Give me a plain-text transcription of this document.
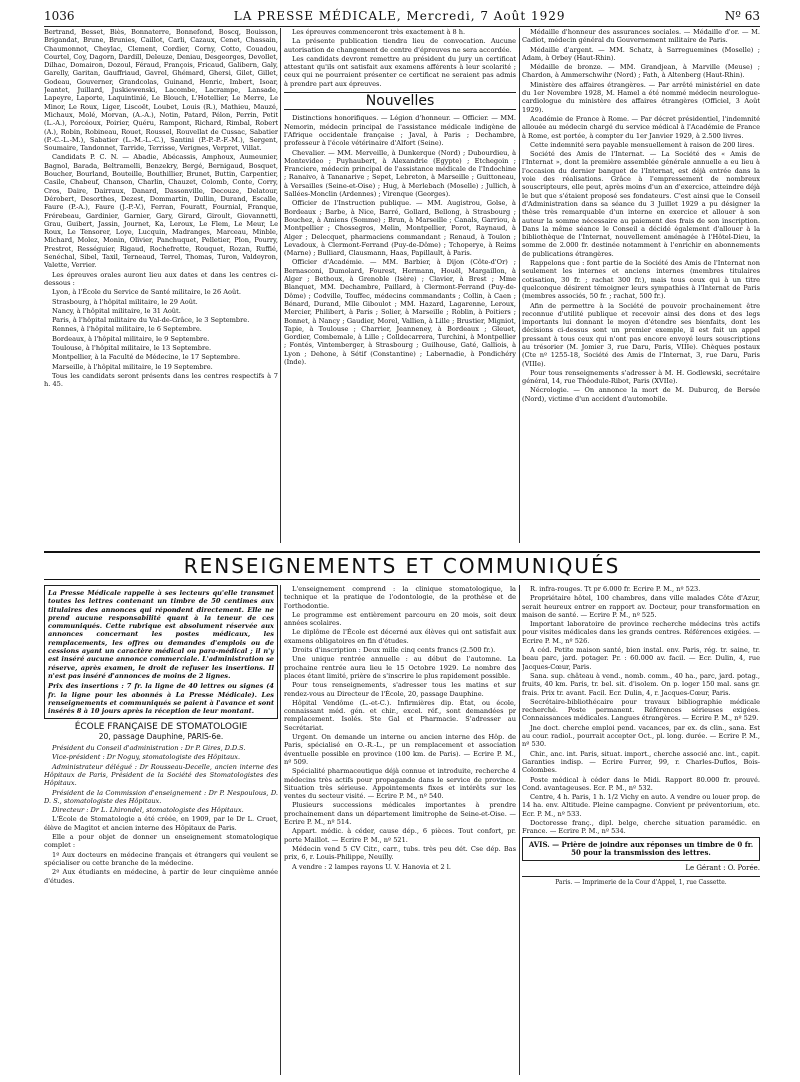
1036	LA PRESSE MÉDICALE, Mercredi, 7 Août 1929	Nº 63

Bertrand, Besset, Biès, Bonnaterre, Bonnefond, Boscq, Bouisson, Brigandat, Brune, Brunies, Caillot, Carli, Cazaux, Cenet, Chassain, Chaumonnot, Cheylac, Clement, Cordier, Corny, Cotto, Couadou, Courtel, Coy, Dagorn, Dardill, Deleuze, Deniau, Desgeorges, Devollet, Dilhac, Domairon, Dozoul, Féraud, François, Fricaud, Galibern, Galy, Garelly, Garitan, Gauffriaud, Gavrel, Ghémard, Ghersi, Gilet, Gillet, Godeau, Gouverner, Grandcolas, Guinand, Henric, Imbert, Isoar, Jeantet, Juillard, Juskiewenski, Lacombe, Lacrampe, Lansade, Lapeyre, Laporte, Laquintinié, Le Blouch, L'Hotellier, Le Merre, Le Minor, Le Roux, Liger, Liscoët, Loubet, Louis (R.), Mathieu, Mauzé, Michaux, Molé, Morvan, (A.-A.), Notin, Patard, Pélon, Perrin, Petit (L.-A.), Porcéoux, Poirier, Quéru, Rampont, Richard, Rimbal, Robert (A.), Robin, Robineau, Rouet, Roussel, Rouvellat de Cussac, Sabatier (P.-C.-L.-M.), Sabatier (L.-M.-L.-C.), Santini (P.-P.-P.-F.-M.), Sergent, Soumaire, Tandonnet, Tarride, Terrisse, Verignes, Verpret, Villat.

Candidats P. C. N. — Abadie, Abécassis, Amphoux, Aumeunier, Bagnol, Barada, Beltramelli, Benzekry, Bergé, Bernigaud, Bosquet, Boucher, Bourland, Bouteille, Bouthillier, Brunet, Buttin, Carpentier, Casile, Chabeuf, Chanson, Charlin, Chauzet, Colomb, Conte, Corry, Cros, Daire, Dairraux, Danard, Dassonville, Decouze, Delatour, Dérobert, Desorthes, Dezest, Dommartin, Dullin, Durand, Escalle, Faure (P.-A.), Faure (J.-P.-V.), Ferran, Fouratt, Fournial, Franque, Frérebeau, Gardinier, Garnier, Gary, Girard, Giroult, Giovannetti, Grau, Guibert, Jassin, Journet, Ka, Leroux, Le Flem, Le Meur, Le Roux, Le Tensorer, Loye, Lucquin, Madranges, Marceau, Minble, Michard, Molez, Monin, Olivier, Panchuquet, Pelletier, Plon, Pourry, Prestrot, Rességuier, Rigaud, Rochefrette, Rouquet, Rozan, Ruffié, Senéchal, Sibel, Taxil, Terneaud, Terrel, Thomas, Turon, Valdeyron, Valette, Verrier.

Les épreuves orales auront lieu aux dates et dans les centres ci-dessous :

Lyon, à l'École du Service de Santé militaire, le 26 Août.

Strasbourg, à l'hôpital militaire, le 29 Août.

Nancy, à l'hôpital militaire, le 31 Août.

Paris, à l'hôpital militaire du Val-de-Grâce, le 3 Septembre.

Rennes, à l'hôpital militaire, le 6 Septembre.

Bordeaux, à l'hôpital militaire, le 9 Septembre.

Toulouse, à l'hôpital militaire, le 13 Septembre.

Montpellier, à la Faculté de Médecine, le 17 Septembre.

Marseille, à l'hôpital militaire, le 19 Septembre.

Tous les candidats seront présents dans les centres respectifs à 7 h. 45.

Les épreuves commenceront très exactement à 8 h.

La présente publication tiendra lieu de convocation. Aucune autorisation de changement de centre d'épreuves ne sera accordée.

Les candidats devront remettre au président du jury un certificat attestant qu'ils ont satisfait aux examens afférents à leur scolarité ; ceux qui ne pourraient présenter ce certificat ne seraient pas admis à prendre part aux épreuves.

Nouvelles

Distinctions honorifiques. — Légion d'honneur. — Officier. — MM. Nemorin, médecin principal de l'assistance médicale indigène de l'Afrique occidentale française ; Javal, à Paris ; Dechambre, professeur à l'école vétérinaire d'Alfort (Seine).

Chevalier. — MM. Merveille, à Dunkerque (Nord) ; Dubourdieu, à Montevideo ; Puyhaubert, à Alexandrie (Egypte) ; Etchegoin ; Franciere, médecin principal de l'assistance médicale de l'Indochine ; Ranaivo, à Tananarive ; Sepet, Lebreton, à Marseille ; Guittoneau, à Versailles (Seine-et-Oise) ; Hug, à Merlebach (Moselle) ; Jullich, à Sallées-Monclin (Ardennes) ; Virenque (Georges).

Officier de l'Instruction publique. — MM. Augistrou, Golse, à Bordeaux ; Barbe, à Nice, Barré, Gollard, Bellong, à Strasbourg ; Bouchez, à Amiens (Somme) ; Brun, à Marseille ; Canals, Garriou, à Montpellier ; Chossegros, Melin, Montpellier, Porot, Raynaud, à Alger ; Delecquet, pharmaciens commandant ; Renaud, à Toulon ; Levadoux, à Clermont-Ferrand (Puy-de-Dôme) ; Tchoperye, à Reims (Marne) ; Bulliard, Clausmann, Haas, Papillault, à Paris.

Officier d'Académie. — MM. Barbier, à Dijon (Côte-d'Or) ; Bernasconi, Dumolard, Fourest, Hermann, Houël, Margaillon, à Alger ; Bethoux, à Grenoble (Isère) ; Clavier, à Brest ; Mme Blanquet, MM. Dechambre, Paillard, à Clermont-Ferrand (Puy-de-Dôme) ; Codville, Touffec, médecins commandants ; Collin, à Caen ; Bénard, Durand, Mlle Giboulot ; MM. Hazard, Lagarenne, Leroux, Mercier, Philibert, à Paris ; Solier, à Marseille ; Roblin, à Poitiers ; Bonnet, à Nancy ; Gaudier, Morel, Vallien, à Lille ; Brustier, Migniot, Tapie, à Toulouse ; Charrier, Jeanneney, à Bordeaux ; Gleuet, Gordier, Combemale, à Lille ; Colldecarrera, Turchini, à Montpellier ; Fontés, Vintemberger, à Strasbourg ; Guilhouse, Gaté, Galliois, à Lyon ; Dehone, à Sétif (Constantine) ; Labernadie, à Pondichéry (Inde).

Médaille d'honneur des assurances sociales. — Médaille d'or. — M. Cadiot, médecin général du Gouvernement militaire de Paris.

Médaille d'argent. — MM. Schatz, à Sarreguemines (Moselle) ; Adam, à Orbey (Haut-Rhin).

Médaille de bronze. — MM. Grandjean, à Marville (Meuse) ; Chardon, à Ammerschwihr (Nord) ; Fath, à Altenberg (Haut-Rhin).

Ministère des affaires étrangères. — Par arrêté ministériel en date du 1er Novembre 1928, M. Hamel a été nommé médecin neurologue-cardiologue du ministère des affaires étrangères (Officiel, 3 Août 1929).

Académie de France à Rome. — Par décret présidentiel, l'indemnité allouée au médecin chargé du service médical à l'Académie de France à Rome, est portée, à compter du 1er Janvier 1929, à 2.500 livres.

Cette indemnité sera payable mensuellement à raison de 200 lires.

Société des Amis de l'Internat. — La Société des « Amis de l'Internat », dont la première assemblée générale annuelle a eu lieu à l'occasion du dernier banquet de l'Internat, est déjà entrée dans la voie des réalisations. Grâce à l'empressement de nombreux souscripteurs, elle peut, après moins d'un an d'exercice, atteindre déjà le but que s'étaient proposé ses fondateurs. C'est ainsi que le Conseil d'Administration dans sa séance du 3 Juillet 1929 a pu désigner la thèse très remarquable d'un interne en exercice et allouer à son auteur la somme nécessaire au paiement des frais de son inscription. Dans la même séance le Conseil a décidé également d'allouer à la bibliothèque de l'Internat, nouvellement aménagée à l'Hôtel-Dieu, la somme de 2.000 fr. destinée notamment à l'enrichir en abonnements de publications étrangères.

Rappelons que : font partie de la Société des Amis de l'Internat non seulement les internes et anciens internes (membres titulaires cotisation, 30 fr. ; rachat 300 fr.), mais tous ceux qui à un titre quelconque désirent témoigner leurs sympathies à l'Internat de Paris (membres associés, 50 fr. ; rachat, 500 fr.).

Afin de permettre à la Société de pouvoir prochainement être reconnue d'utilité publique et recevoir ainsi des dons et des legs importants lui donnant le moyen d'étendre ses bienfaits, dont les décisions ci-dessus sont un premier exemple, il est fait un appel pressant à tous ceux qui n'ont pas encore envoyé leurs souscriptions au trésorier (M. Jomier 3, rue Daru, Paris, VIIIe). Chèques postaux (Cte nº 1255-18, Société des Amis de l'Internat, 3, rue Daru, Paris (VIIIe).

Pour tous renseignements s'adresser à M. H. Godlewski, secrétaire général, 14, rue Théodule-Ribot, Paris (XVIIe).

Nécrologie. — On annonce la mort de M. Duburcq, de Bersée (Nord), victime d'un accident d'automobile.

RENSEIGNEMENTS ET COMMUNIQUÉS
La Presse Médicale rappelle à ses lecteurs qu'elle transmet toutes les lettres contenant un timbre de 50 centimes aux titulaires des annonces qui répondent directement. Elle ne prend aucune responsabilité quant à la teneur de ces communiqués. Cette rubrique est absolument réservée aux annonces concernant les postes médicaux, les remplacements, les offres ou demandes d'emplois ou de cessions ayant un caractère médical ou para-médical ; il n'y est inséré aucune annonce commerciale. L'administration se réserve, après examen, le droit de refuser les insertions. Il n'est pas inséré d'annonces de moins de 2 lignes.
Prix des insertions : 7 fr. la ligne de 40 lettres ou signes (4 fr. la ligne pour les abonnés à La Presse Médicale). Les renseignements et communiqués se paient à l'avance et sont insérés 8 à 10 jours après la réception de leur montant.
ÉCOLE FRANÇAISE DE STOMATOLOGIE
20, passage Dauphine, PARIS-6e.

Président du Conseil d'administration : Dr P. Gires, D.D.S.

Vice-président : Dr Noguy, stomatologiste des Hôpitaux.

Administrateur délégué : Dr Rousseau-Decelle, ancien interne des Hôpitaux de Paris, Président de la Société des Stomatologistes des Hôpitaux.

Président de la Commission d'enseignement : Dr P. Nespoulous, D. D. S., stomatologiste des Hôpitaux.

Directeur : Dr L. Lhirondel, stomatologiste des Hôpitaux.

L'École de Stomatologie a été créée, en 1909, par le Dr L. Cruet, élève de Magitot et ancien interne des Hôpitaux de Paris.

Elle a pour objet de donner un enseignement stomatologique complet :

1º Aux docteurs en médecine français et étrangers qui veulent se spécialiser ou cette branche de la médecine.

2º Aux étudiants en médecine, à partir de leur cinquième année d'études.

L'enseignement comprend : la clinique stomatologique, la technique et la pratique de l'odontologie, de la prothèse et de l'orthodontie.

Le programme est entièrement parcouru en 20 mois, soit deux années scolaires.

Le diplôme de l'École est décerné aux élèves qui ont satisfait aux examens obligatoires en fin d'études.

Droits d'inscription : Deux mille cinq cents francs (2.500 fr.).

Une unique rentrée annuelle : au début de l'automne. La prochaine rentrée aura lieu le 15 Octobre 1929. Le nombre des places étant limité, prière de s'inscrire le plus rapidement possible.

Pour tous renseignements, s'adresser tous les matins et sur rendez-vous au Directeur de l'École, 20, passage Dauphine.

Hôpital Vendôme (L.-et-C.). Infirmières dip. État, ou école, connaissant méd. gén. et chir., excel. réf., sont demandées pr remplacement. Isolés. Ste Gal et Pharmacie. S'adresser au Secrétariat.

Urgent. On demande un interne ou ancien interne des Hôp. de Paris, spécialisé en O.-R.-L., pr un remplacement et association éventuelle possible en province (100 km. de Paris). — Ecrire P. M., nº 509.

Spécialité pharmaceutique déjà connue et introduite, recherche 4 médecins très actifs pour propagande dans le service de province. Situation très sérieuse. Appointements fixes et intérêts sur les ventes du secteur visité. — Ecrire P. M., nº 540.

Plusieurs successions médicales importantes à prendre prochainement dans un département limitrophe de Seine-et-Oise. — Ecrire P. M., nº 514.

Appart. médic. à céder, cause dép., 6 pièces. Tout confort, pr. porte Maillot. — Ecrire P. M., nº 521.

Médecin vend 5 CV Citr., carr., tubs. très peu dét. Cse dép. Bas prix, 6, r. Louis-Philippe, Neuilly.

A vendre : 2 lampes rayons U. V. Hanovia et 2 l.

R. infra-rouges. Tt pr 6.000 fr. Ecrire P. M., nº 523.

Propriétaire hôtel, 100 chambres, dans ville malades Côte d'Azur, serait heureux entrer en rapport av. Docteur, pour transformation en maison de santé. — Ecrire P. M., nº 525.

Important laboratoire de province recherche médecins très actifs pour visites médicales dans les grands centres. Références exigées. — Ecrire P. M., nº 526.

A céd. Petite maison santé, bien instal. env. Paris, rég. tr. saine, tr. beau parc, jard. potager. Pr. : 60.000 av. facil. — Ecr. Dulin, 4, rue Jacques-Cœur, Paris.

Sana. sup. château à vend., nomb. comm., 40 ha., parc, jard. potag., fruits, 40 km. Paris, tr. bel. sit. d'isolem. On p. loger 150 mal. sans gr. frais. Prix tr. avant. Facil. Ecr. Dulin, 4, r. Jacques-Cœur, Paris.

Secrétaire-bibliothécaire pour travaux bibliographie médicale recherché. Poste permanent. Références sérieuses exigées. Connaissances médicales. Langues étrangères. — Ecrire P. M., nº 529.

Jne doct. cherche emploi pend. vacances, par ex. ds clin., sana. Est au cour. radiol., pourrait accepter Oct., pl. long. durée. — Ecrire P. M., nº 530.

Chir., anc. int. Paris, situat. import., cherche associé anc. int., capit. Garanties indisp. — Ecrire Furrer, 99, r. Charles-Duflos, Bois-Colombes.

Poste médical à céder dans le Midi. Rapport 80.000 fr. prouvé. Cond. avantageuses. Ecr. P. M., nº 532.

Centre, 4 h. Paris, 1 h. 1/2 Vichy en auto. A vendre ou louer prop. de 14 ha. env. Altitude. Pleine campagne. Convient pr préventorium, etc. Ecr. P. M., nº 533.

Doctoresse franç., dipl. belge, cherche situation paramédic. en France. — Ecrire P. M., nº 534.

AVIS. — Prière de joindre aux réponses un timbre de 0 fr. 50 pour la transmission des lettres.
Le Gérant : O. Porée.
Paris. — Imprimerie de la Cour d'Appel, 1, rue Cassette.
